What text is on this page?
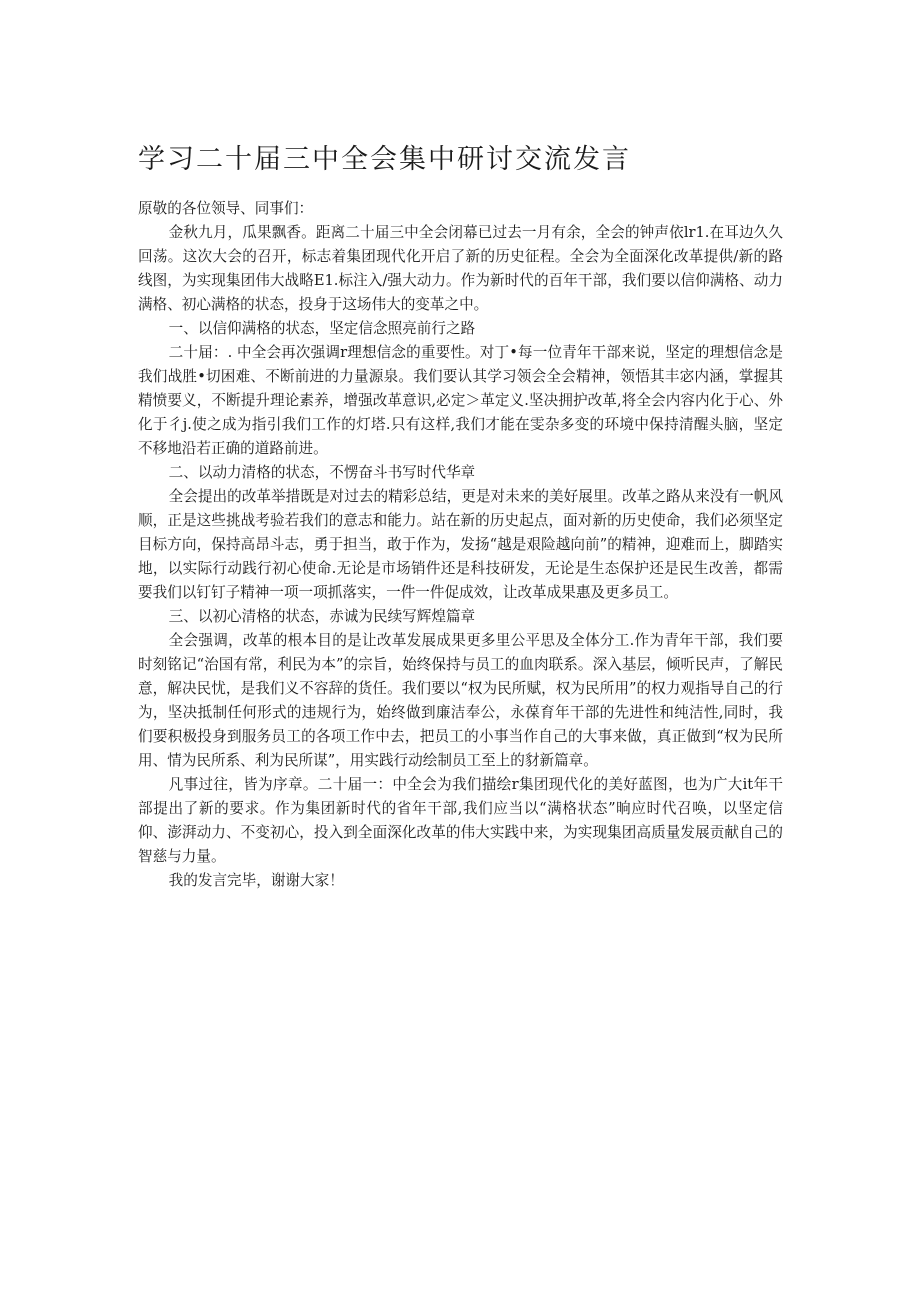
学习二十届三中全会集中研讨交流发言

原敬的各位领导、同事们：

金秋九月，瓜果飘香。距离二十届三中全会闭幕已过去一月有余，全会的钟声依lr1.在耳边久久回荡。这次大会的召开，标志着集团现代化开启了新的历史征程。全会为全面深化改革提供/新的路线图，为实现集团伟大战略E1.标注入/强大动力。作为新时代的百年干部，我们要以信仰满格、动力满格、初心满格的状态，投身于这场伟大的变革之中。

一、以信仰满格的状态，坚定信念照亮前行之路

二十届：. 中全会再次强调r理想信念的重要性。对丁•每一位青年干部来说，坚定的理想信念是我们战胜•切困难、不断前进的力量源泉。我们要认其学习领会全会精神，领悟其丰宓内涵，掌握其精愤要义，不断提升理论素养，增强改革意识,必定＞革定义.坚决拥护改革,将全会内容内化于心、外化于彳j.使之成为指引我们工作的灯塔.只有这样,我们才能在雯杂多变的环境中保持清醒头脑，坚定不移地沿若正确的道路前进。

二、以动力清格的状态，不愣奋斗书写时代华章

全会提出的改革举措既是对过去的精彩总结，更是对未来的美好展里。改革之路从来没有一帆风顺，正是这些挑战考验若我们的意志和能力。站在新的历史起点，面对新的历史使命，我们必须坚定目标方向，保持高昂斗志，勇于担当，敢于作为，发扬“越是艰险越向前”的精神，迎难而上，脚踏实地，以实际行动践行初心使命.无论是市场销件还是科技研发，无论是生态保护还是民生改善，都需要我们以钉钉子精神一项一项抓落实，一件一件促成效，让改革成果惠及更多员工。

三、以初心清格的状态，赤诚为民续写辉煌篇章

全会强调，改革的根本目的是让改革发展成果更多里公平思及全体分工.作为青年干部，我们要时刻铭记“治国有常，利民为本”的宗旨，始终保持与员工的血肉联系。深入基层，倾听民声，了解民意，解决民忧，是我们义不容辞的货任。我们要以“权为民所赋，权为民所用”的权力观指导自己的行为，坚决抵制任何形式的违规行为，始终做到廉洁奉公，永葆育年干部的先进性和纯洁性,同时，我们要积极投身到服务员工的各项工作中去，把员工的小事当作自己的大事来做，真正做到“权为民所用、情为民所系、利为民所谋”，用实践行动绘制员工至上的豺新篇章。

凡事过往，皆为序章。二十届一：中全会为我们描绘r集团现代化的美好蓝图，也为广大it年干部提出了新的要求。作为集团新时代的省年干部,我们应当以“满格状态”晌应时代召唤，以坚定信仰、澎湃动力、不变初心，投入到全面深化改革的伟大实践中来，为实现集团高质量发展贡献自己的智慈与力量。

我的发言完毕，谢谢大家！
